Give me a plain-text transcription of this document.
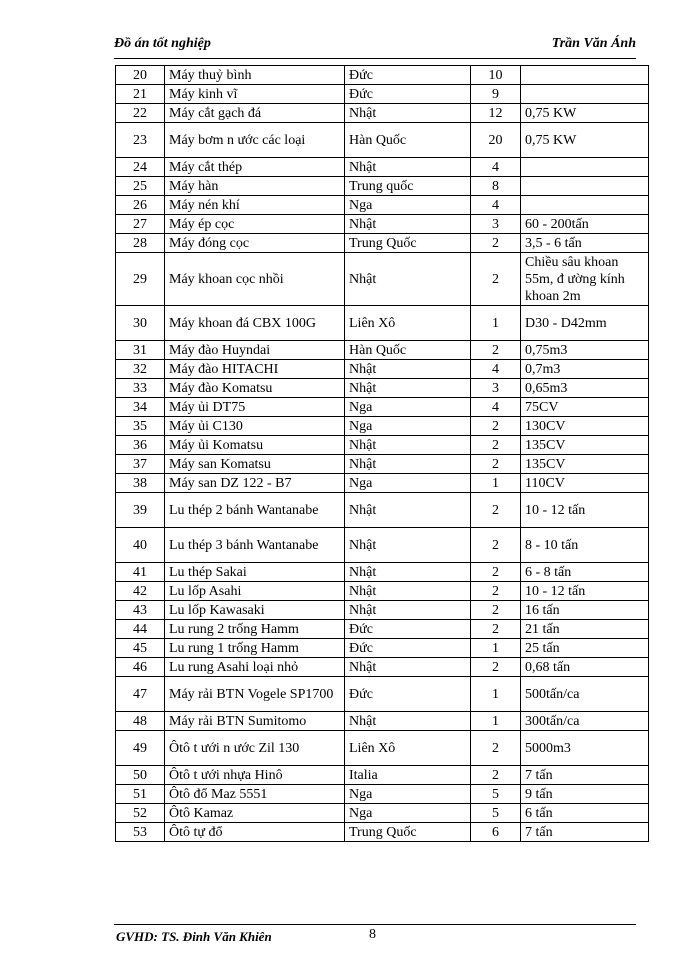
Đồ án tốt nghiệp	Trần Văn Ánh
20	Máy thuỷ bình	Đức	10	
21	Máy kinh vĩ	Đức	9	
22	Máy cắt gạch đá	Nhật	12	0,75 KW
23	Máy bơm n ước các loại	Hàn Quốc	20	0,75 KW
24	Máy cắt thép	Nhật	4	
25	Máy hàn	Trung quốc	8	
26	Máy nén khí	Nga	4	
27	Máy ép cọc	Nhật	3	60 - 200tấn
28	Máy đóng cọc	Trung Quốc	2	3,5 - 6 tấn
29	Máy khoan cọc nhồi	Nhật	2	Chiều sâu khoan 55m, đ ường kính khoan 2m
30	Máy khoan đá CBX 100G	Liên Xô	1	D30 - D42mm
31	Máy đào Huyndai	Hàn Quốc	2	0,75m3
32	Máy đào HITACHI	Nhật	4	0,7m3
33	Máy đào Komatsu	Nhật	3	0,65m3
34	Máy ủi DT75	Nga	4	75CV
35	Máy ủi C130	Nga	2	130CV
36	Máy ủi Komatsu	Nhật	2	135CV
37	Máy san Komatsu	Nhật	2	135CV
38	Máy san DZ 122 - B7	Nga	1	110CV
39	Lu thép 2 bánh Wantanabe	Nhật	2	10 - 12 tấn
40	Lu thép 3 bánh Wantanabe	Nhật	2	8 - 10 tấn
41	Lu thép Sakai	Nhật	2	6 - 8 tấn
42	Lu lốp Asahi	Nhật	2	10 - 12 tấn
43	Lu lốp Kawasaki	Nhật	2	16 tấn
44	Lu rung 2 trống Hamm	Đức	2	21 tấn
45	Lu rung 1 trống Hamm	Đức	1	25 tấn
46	Lu rung Asahi loại nhỏ	Nhật	2	0,68 tấn
47	Máy rải BTN Vogele SP1700	Đức	1	500tấn/ca
48	Máy rải BTN Sumitomo	Nhật	1	300tấn/ca
49	Ôtô t ưới n ước Zil 130	Liên Xô	2	5000m3
50	Ôtô t ưới nhựa Hinô	Italia	2	7 tấn
51	Ôtô đổ Maz 5551	Nga	5	9 tấn
52	Ôtô Kamaz	Nga	5	6 tấn
53	Ôtô tự đổ	Trung Quốc	6	7 tấn
GVHD: TS. Đinh Văn Khiên	8
